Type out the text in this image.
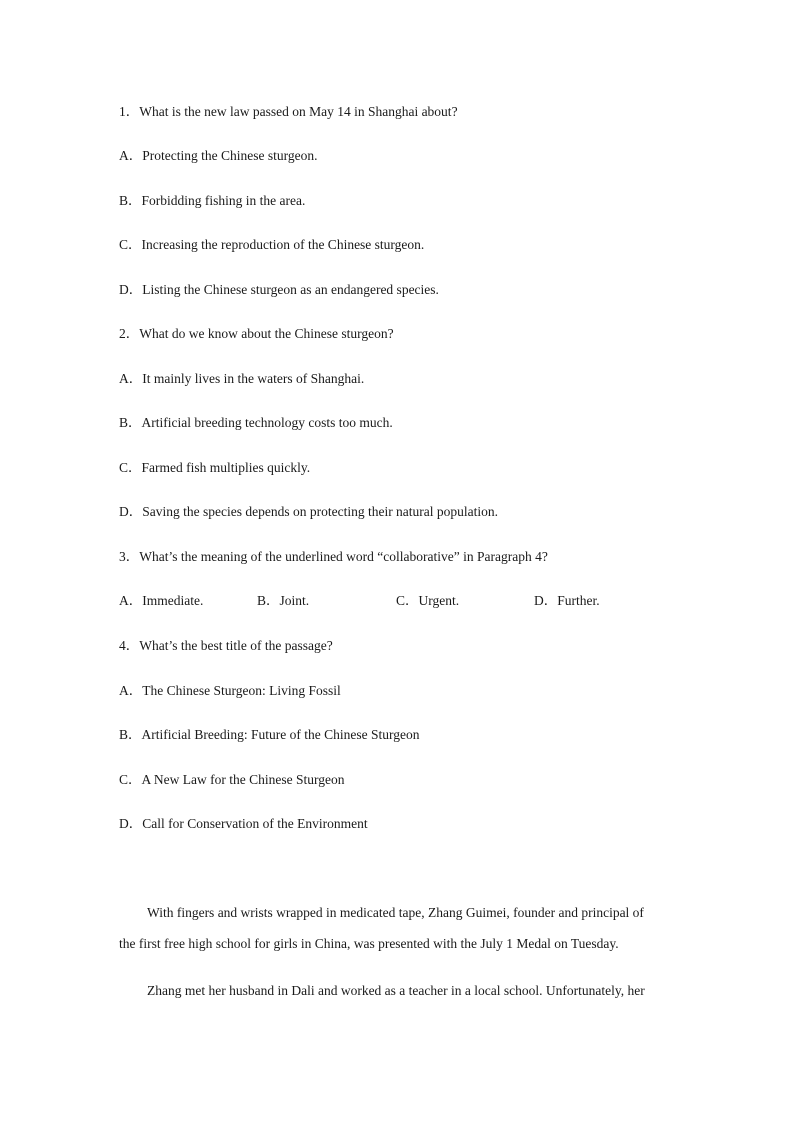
1．What is the new law passed on May 14 in Shanghai about?
A．Protecting the Chinese sturgeon.
B．Forbidding fishing in the area.
C．Increasing the reproduction of the Chinese sturgeon.
D．Listing the Chinese sturgeon as an endangered species.
2．What do we know about the Chinese sturgeon?
A．It mainly lives in the waters of Shanghai.
B．Artificial breeding technology costs too much.
C．Farmed fish multiplies quickly.
D．Saving the species depends on protecting their natural population.
3．What’s the meaning of the underlined word “collaborative” in Paragraph 4?
A．Immediate.	B．Joint.	C．Urgent.	D．Further.
4．What’s the best title of the passage?
A．The Chinese Sturgeon: Living Fossil
B．Artificial Breeding: Future of the Chinese Sturgeon
C．A New Law for the Chinese Sturgeon
D．Call for Conservation of the Environment
With fingers and wrists wrapped in medicated tape, Zhang Guimei, founder and principal of
the first free high school for girls in China, was presented with the July 1 Medal on Tuesday.
Zhang met her husband in Dali and worked as a teacher in a local school. Unfortunately, her
